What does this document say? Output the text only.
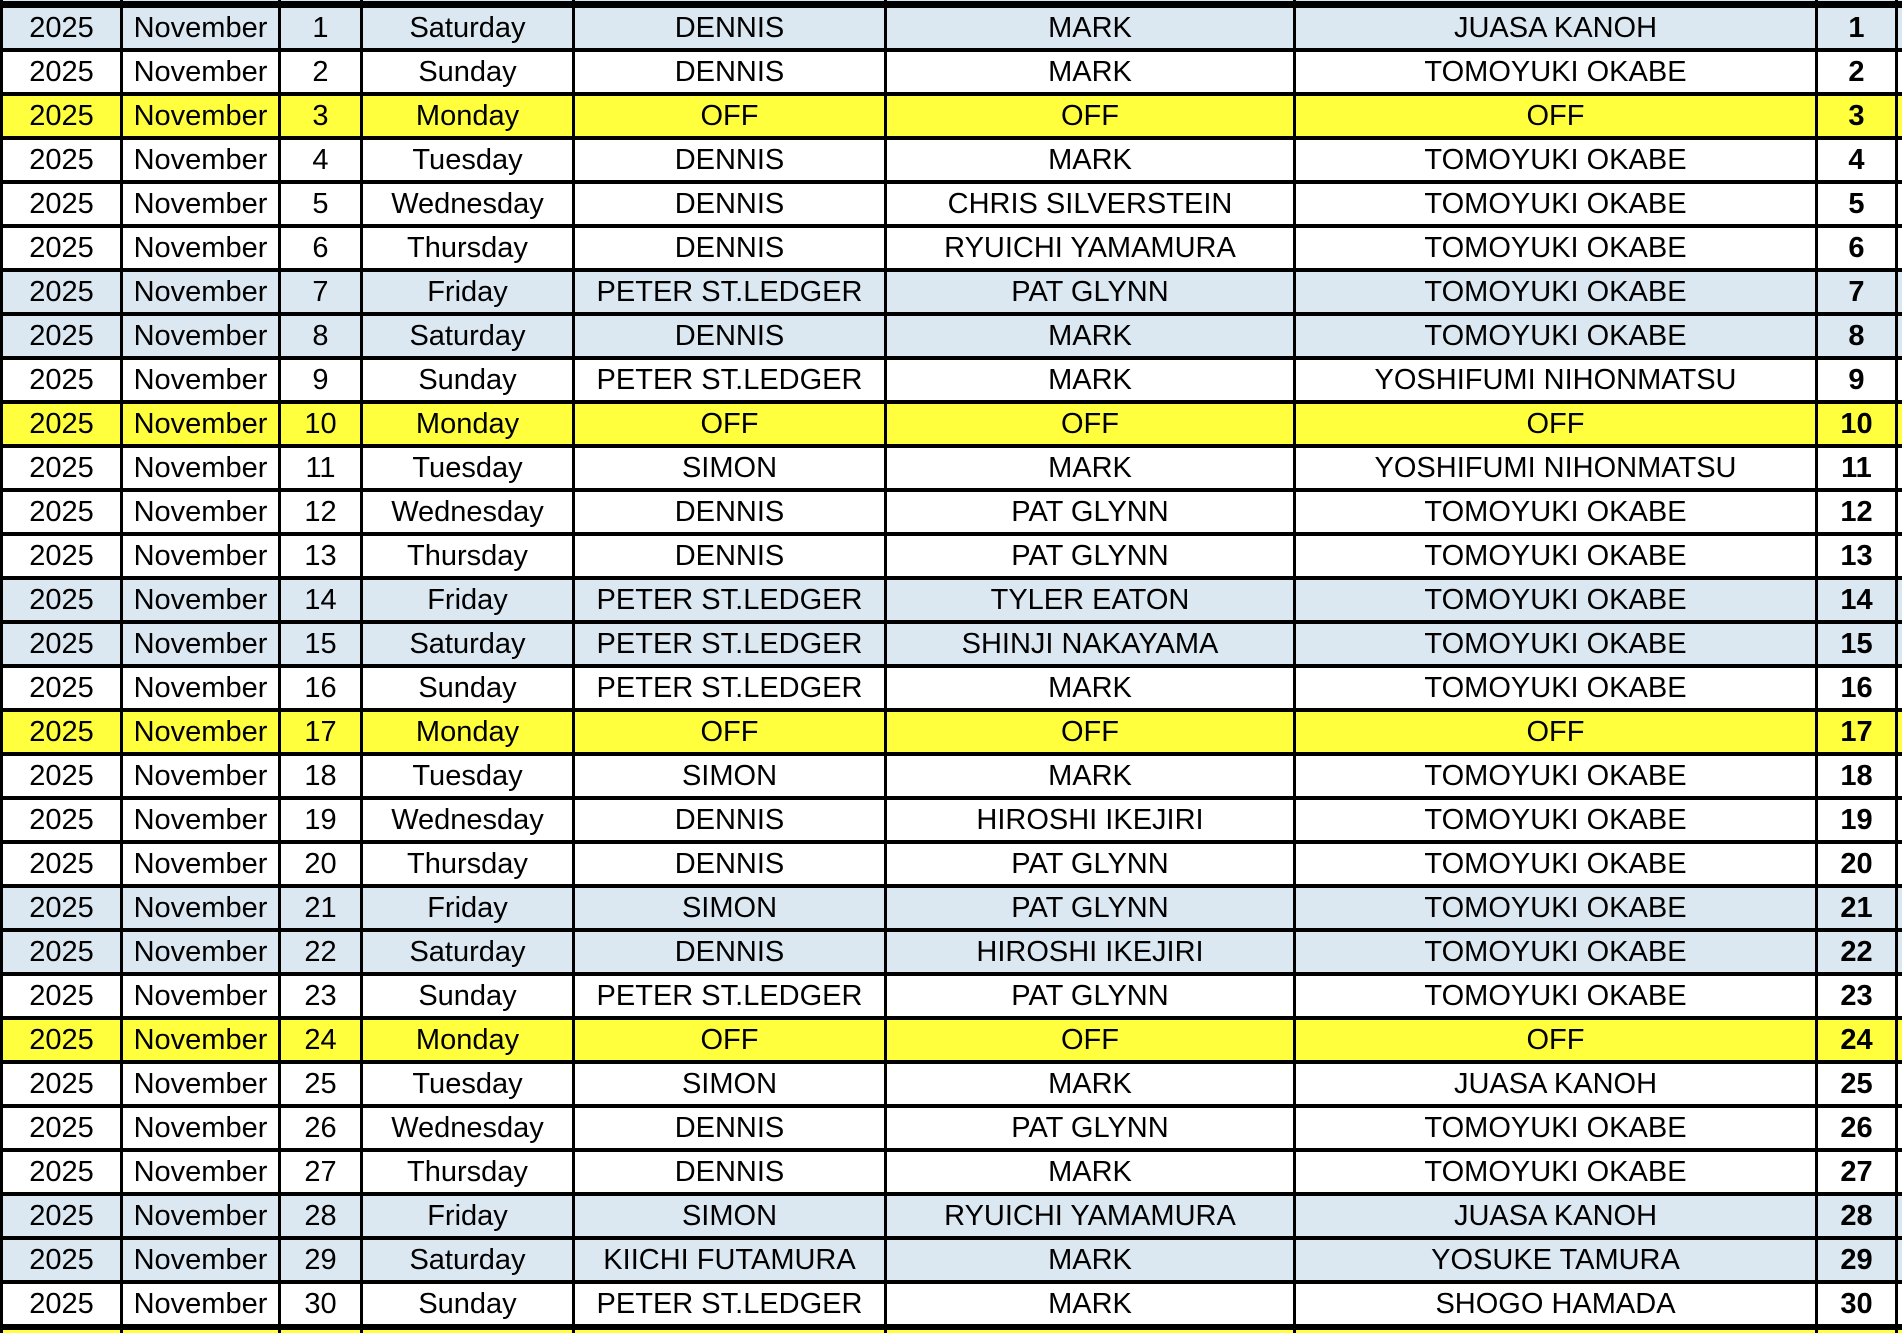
2025	November	1	Saturday	DENNIS	MARK	JUASA KANOH	1	
2025	November	2	Sunday	DENNIS	MARK	TOMOYUKI OKABE	2	
2025	November	3	Monday	OFF	OFF	OFF	3	
2025	November	4	Tuesday	DENNIS	MARK	TOMOYUKI OKABE	4	
2025	November	5	Wednesday	DENNIS	CHRIS SILVERSTEIN	TOMOYUKI OKABE	5	
2025	November	6	Thursday	DENNIS	RYUICHI YAMAMURA	TOMOYUKI OKABE	6	
2025	November	7	Friday	PETER ST.LEDGER	PAT GLYNN	TOMOYUKI OKABE	7	
2025	November	8	Saturday	DENNIS	MARK	TOMOYUKI OKABE	8	
2025	November	9	Sunday	PETER ST.LEDGER	MARK	YOSHIFUMI NIHONMATSU	9	
2025	November	10	Monday	OFF	OFF	OFF	10	
2025	November	11	Tuesday	SIMON	MARK	YOSHIFUMI NIHONMATSU	11	
2025	November	12	Wednesday	DENNIS	PAT GLYNN	TOMOYUKI OKABE	12	
2025	November	13	Thursday	DENNIS	PAT GLYNN	TOMOYUKI OKABE	13	
2025	November	14	Friday	PETER ST.LEDGER	TYLER EATON	TOMOYUKI OKABE	14	
2025	November	15	Saturday	PETER ST.LEDGER	SHINJI NAKAYAMA	TOMOYUKI OKABE	15	
2025	November	16	Sunday	PETER ST.LEDGER	MARK	TOMOYUKI OKABE	16	
2025	November	17	Monday	OFF	OFF	OFF	17	
2025	November	18	Tuesday	SIMON	MARK	TOMOYUKI OKABE	18	
2025	November	19	Wednesday	DENNIS	HIROSHI IKEJIRI	TOMOYUKI OKABE	19	
2025	November	20	Thursday	DENNIS	PAT GLYNN	TOMOYUKI OKABE	20	
2025	November	21	Friday	SIMON	PAT GLYNN	TOMOYUKI OKABE	21	
2025	November	22	Saturday	DENNIS	HIROSHI IKEJIRI	TOMOYUKI OKABE	22	
2025	November	23	Sunday	PETER ST.LEDGER	PAT GLYNN	TOMOYUKI OKABE	23	
2025	November	24	Monday	OFF	OFF	OFF	24	
2025	November	25	Tuesday	SIMON	MARK	JUASA KANOH	25	
2025	November	26	Wednesday	DENNIS	PAT GLYNN	TOMOYUKI OKABE	26	
2025	November	27	Thursday	DENNIS	MARK	TOMOYUKI OKABE	27	
2025	November	28	Friday	SIMON	RYUICHI YAMAMURA	JUASA KANOH	28	
2025	November	29	Saturday	KIICHI FUTAMURA	MARK	YOSUKE TAMURA	29	
2025	November	30	Sunday	PETER ST.LEDGER	MARK	SHOGO HAMADA	30	
